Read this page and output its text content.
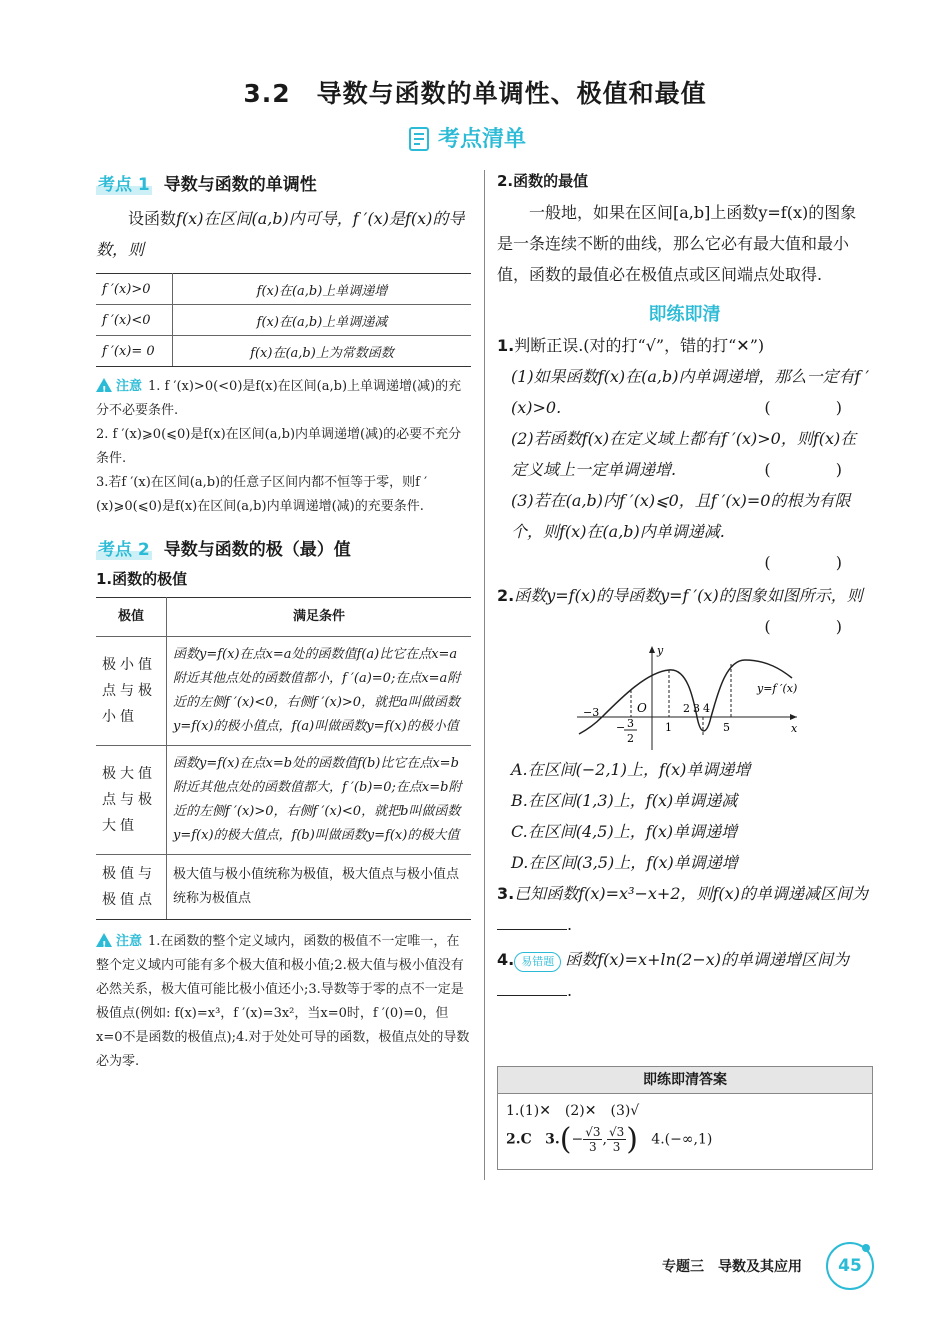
3.2　导数与函数的单调性、极值和最值
考点清单
考点 1 导数与函数的单调性

设函数f(x)在区间(a,b)内可导，f ′(x)是f(x)的导数，则

f ′(x)>0	f(x)在(a,b)上单调递增
f ′(x)<0	f(x)在(a,b)上单调递减
f ′(x)= 0	f(x)在(a,b)上为常数函数
!注意 1. f ′(x)>0(<0)是f(x)在区间(a,b)上单调递增(减)的充分不必要条件.
2. f ′(x)⩾0(⩽0)是f(x)在区间(a,b)内单调递增(减)的必要不充分条件.
3.若f ′(x)在区间(a,b)的任意子区间内都不恒等于零，则f ′(x)⩾0(⩽0)是f(x)在区间(a,b)内单调递增(减)的充要条件.
考点 2 导数与函数的极（最）值
1.函数的极值
极值	满足条件
极小值点与极小值	函数y=f(x)在点x=a处的函数值f(a)比它在点x=a附近其他点处的函数值都小，f ′(a)=0;在点x=a附近的左侧f ′(x)<0，右侧f ′(x)>0，就把a叫做函数y=f(x)的极小值点，f(a)叫做函数y=f(x)的极小值
极大值点与极大值	函数y=f(x)在点x=b处的函数值f(b)比它在点x=b附近其他点处的函数值都大，f ′(b)=0;在点x=b附近的左侧f ′(x)>0，右侧f ′(x)<0，就把b叫做函数y=f(x)的极大值点，f(b)叫做函数y=f(x)的极大值
极值与极值点	极大值与极小值统称为极值，极大值点与极小值点统称为极值点
!注意 1.在函数的整个定义域内，函数的极值不一定唯一，在整个定义域内可能有多个极大值和极小值;2.极大值与极小值没有必然关系，极大值可能比极小值还小;3.导数等于零的点不一定是极值点(例如: f(x)=x³，f ′(x)=3x²，当x=0时，f ′(0)=0，但x=0不是函数的极值点);4.对于处处可导的函数，极值点处的导数必为零.
2.函数的最值

一般地，如果在区间[a,b]上函数y=f(x)的图象是一条连续不断的曲线，那么它必有最大值和最小值，函数的最值必在极值点或区间端点处取得.

即练即清
1.判断正误.(对的打“√”，错的打“✕”)
(1)如果函数f(x)在(a,b)内单调递增，那么一定有f ′(x)>0.	( )
(2)若函数f(x)在定义域上都有f ′(x)>0，则f(x)在定义域上一定单调递增.	( )
(3)若在(a,b)内f ′(x)⩽0，且f ′(x)=0的根为有限个，则f(x)在(a,b)内单调递减.
( )
2.函数y=f(x)的导函数y=f ′(x)的图象如图所示，则
( )
y
x
O
y=f ′(x)
−3
1
2 3 4
5
− 3
2
A.在区间(−2,1)上，f(x)单调递增
B.在区间(1,3)上，f(x)单调递减
C.在区间(4,5)上，f(x)单调递增
D.在区间(3,5)上，f(x)单调递增
3.已知函数f(x)=x³−x+2，则f(x)的单调递减区间为.
4. 易错题 函数f(x)=x+ln(2−x)的单调递增区间为.
即练即清答案
1.(1)✕　(2)✕　(3)√
2.C $3.(- \frac{√3}{3}$ , $\frac{√3}{3}$ ) 4.(−∞,1)
专题三　导数及其应用	45
